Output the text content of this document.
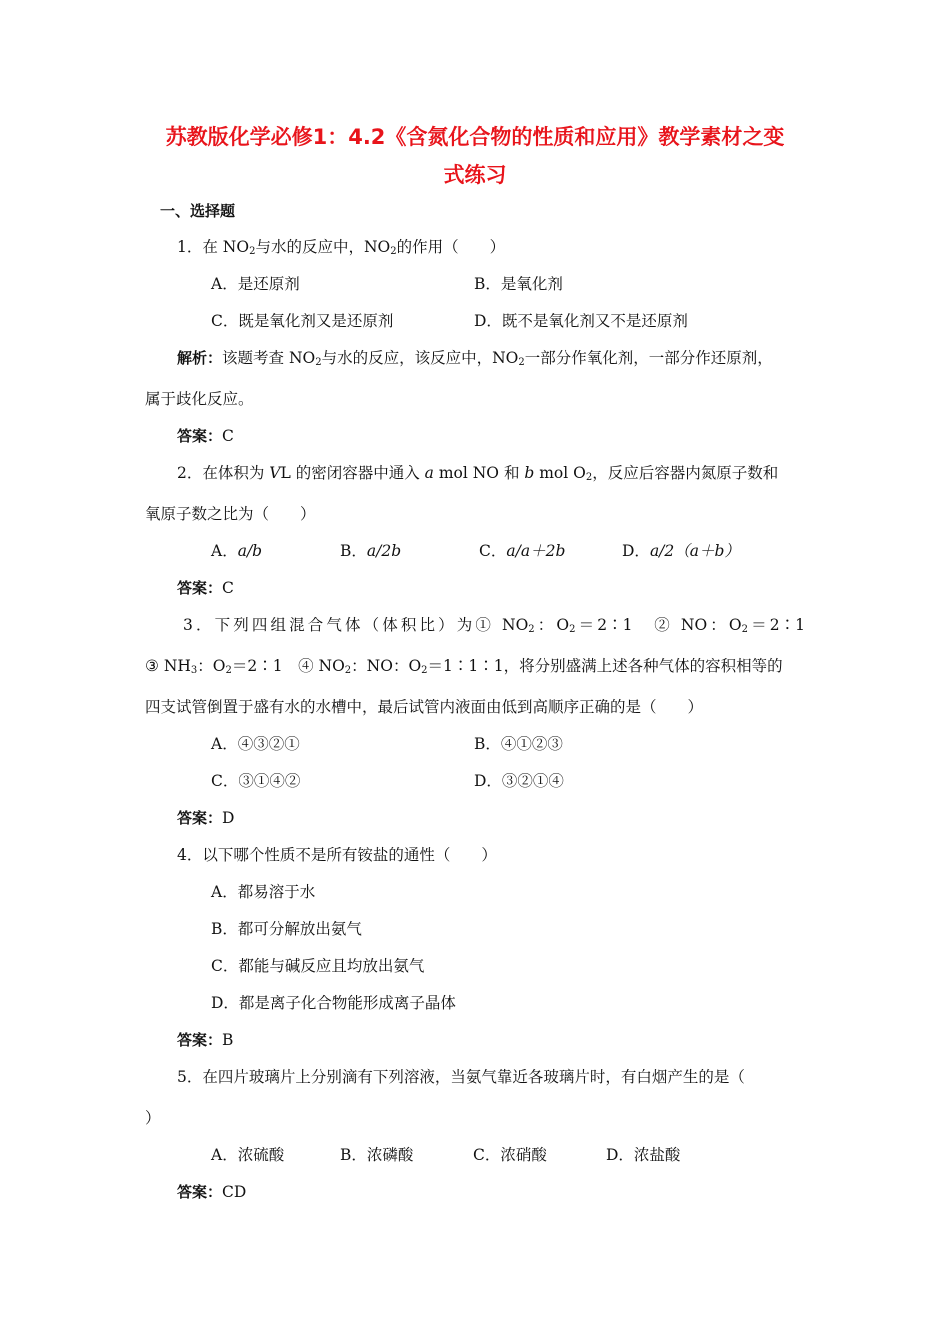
苏教版化学必修1：4.2《含氮化合物的性质和应用》教学素材之变
式练习
一、选择题
1．在 $NO_2$与水的反应中，$NO_2$的作用（　　）
A．是还原剂	B．是氧化剂
C．既是氧化剂又是还原剂	D．既不是氧化剂又不是还原剂
解析：该题考查 $NO_2$与水的反应，该反应中，$NO_2$一部分作氧化剂，一部分作还原剂，
属于歧化反应。
答案：C
2．在体积为 VL 的密闭容器中通入 a mol NO 和 b mol $O_2$，反应后容器内氮原子数和
氧原子数之比为（　　）
A．a/b	B．a/2b	C．a/a＋2b	D．a/2（a＋b）
答案：C
3．下列四组混合气体（体积比）为① $NO_2$：$O_2=2∶1$　② NO：$O_2=2∶1$
③ $NH_3$：$O_2=2∶1$　④ $NO_2$：NO：$O_2=1∶1∶1$，将分别盛满上述各种气体的容积相等的
四支试管倒置于盛有水的水槽中，最后试管内液面由低到高顺序正确的是（　　）
A．④③②①	B．④①②③
C．③①④②	D．③②①④
答案：D
4．以下哪个性质不是所有铵盐的通性（　　）
A．都易溶于水
B．都可分解放出氨气
C．都能与碱反应且均放出氨气
D．都是离子化合物能形成离子晶体
答案：B
5．在四片玻璃片上分别滴有下列溶液，当氨气靠近各玻璃片时，有白烟产生的是（
）
A．浓硫酸	B．浓磷酸	C．浓硝酸	D．浓盐酸
答案：CD
